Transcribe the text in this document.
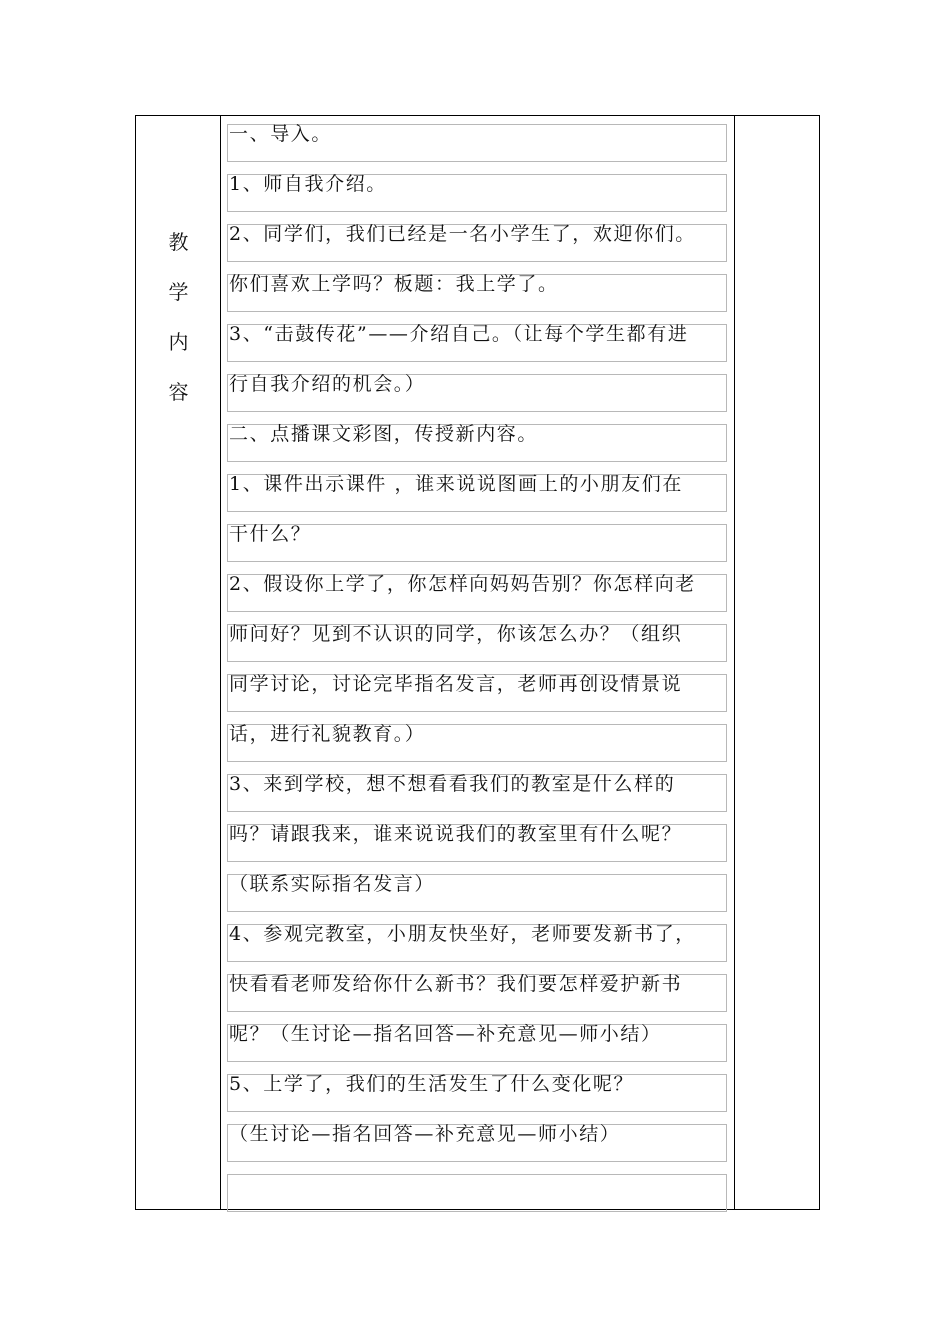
教
学
内
容
一、导入。
1、师自我介绍。
2、同学们，我们已经是一名小学生了，欢迎你们。
你们喜欢上学吗？板题：我上学了。
3、“击鼓传花”——介绍自己。（让每个学生都有进
行自我介绍的机会。）
二、点播课文彩图，传授新内容。
1、课件出示课件 ，谁来说说图画上的小朋友们在
干什么？
2、假设你上学了，你怎样向妈妈告别？你怎样向老
师问好？见到不认识的同学，你该怎么办？（组织
同学讨论，讨论完毕指名发言，老师再创设情景说
话，进行礼貌教育。）
3、来到学校，想不想看看我们的教室是什么样的
吗？请跟我来，谁来说说我们的教室里有什么呢？
（联系实际指名发言）
4、参观完教室，小朋友快坐好，老师要发新书了，
快看看老师发给你什么新书？我们要怎样爱护新书
呢？（生讨论—指名回答—补充意见—师小结）
5、上学了，我们的生活发生了什么变化呢？
（生讨论—指名回答—补充意见—师小结）
